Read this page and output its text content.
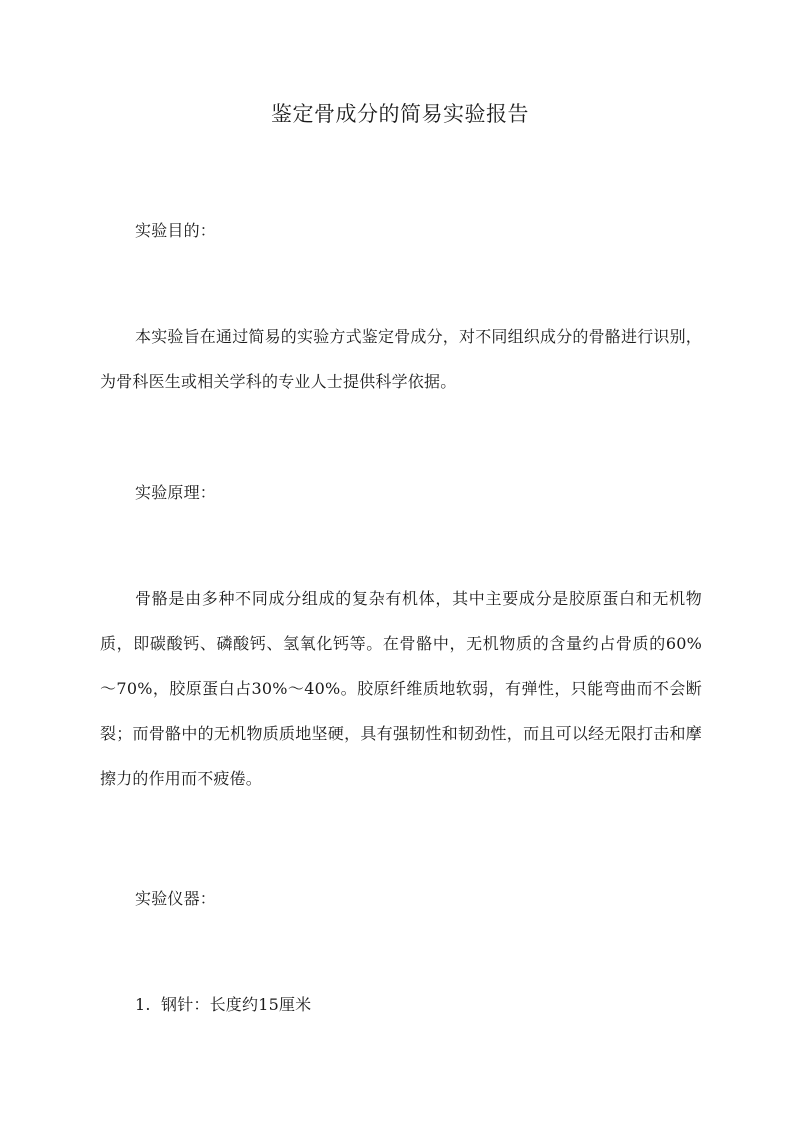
鉴定骨成分的简易实验报告

实验目的：

本实验旨在通过简易的实验方式鉴定骨成分，对不同组织成分的骨骼进行识别，为骨科医生或相关学科的专业人士提供科学依据。

实验原理：

骨骼是由多种不同成分组成的复杂有机体，其中主要成分是胶原蛋白和无机物质，即碳酸钙、磷酸钙、氢氧化钙等。在骨骼中，无机物质的含量约占骨质的60%～70%，胶原蛋白占30%～40%。胶原纤维质地软弱，有弹性，只能弯曲而不会断裂；而骨骼中的无机物质质地坚硬，具有强韧性和韧劲性，而且可以经无限打击和摩擦力的作用而不疲倦。

实验仪器：

1. 钢针：长度约15厘米
